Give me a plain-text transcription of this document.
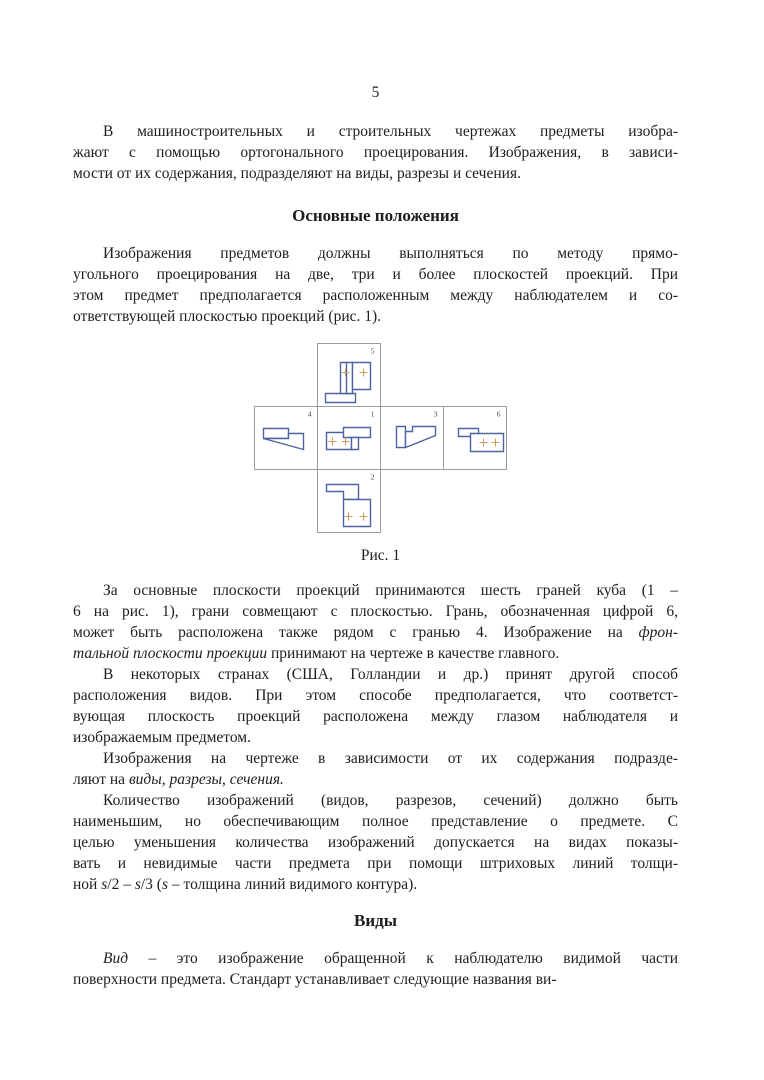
5
В машиностроительных и строительных чертежах предметы изобра-
жают с помощью ортогонального проецирования. Изображения, в зависи-
мости от их содержания, подразделяют на виды, разрезы и сечения.
Основные положения
Изображения предметов должны выполняться по методу прямо-
угольного проецирования на две, три и более плоскостей проекций. При
этом предмет предполагается расположенным между наблюдателем и со-
ответствующей плоскостью проекций (рис. 1).
5
4	1	3	6
2
Рис. 1
За основные плоскости проекций принимаются шесть граней куба (1 –
6 на рис. 1), грани совмещают с плоскостью. Грань, обозначенная цифрой 6,
может быть расположена также рядом с гранью 4. Изображение на фрон-
тальной плоскости проекции принимают на чертеже в качестве главного.
В некоторых странах (США, Голландии и др.) принят другой способ
расположения видов. При этом способе предполагается, что соответст-
вующая плоскость проекций расположена между глазом наблюдателя и
изображаемым предметом.
Изображения на чертеже в зависимости от их содержания подразде-
ляют на виды, разрезы, сечения.
Количество изображений (видов, разрезов, сечений) должно быть
наименьшим, но обеспечивающим полное представление о предмете. С
целью уменьшения количества изображений допускается на видах показы-
вать и невидимые части предмета при помощи штриховых линий толщи-
ной s/2 – s/3 (s – толщина линий видимого контура).
Виды
Вид – это изображение обращенной к наблюдателю видимой части
поверхности предмета. Стандарт устанавливает следующие названия ви-
